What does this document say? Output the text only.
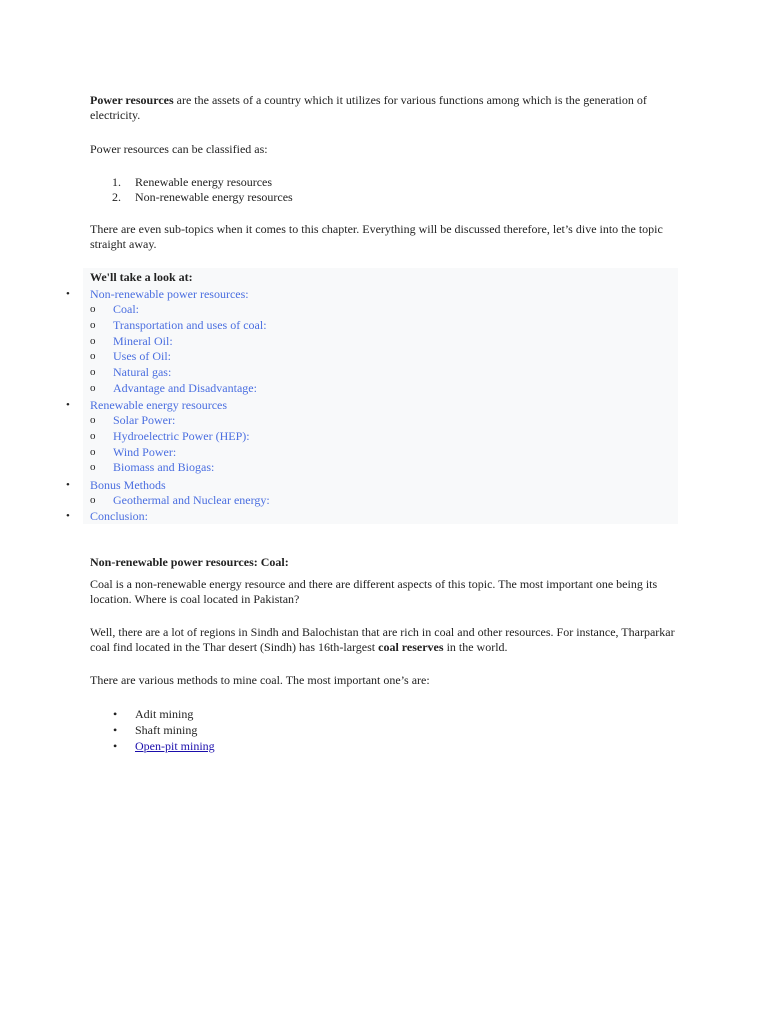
Power resources are the assets of a country which it utilizes for various functions among which is the generation of electricity.

Power resources can be classified as:

1. Renewable energy resources
2. Non-renewable energy resources

There are even sub-topics when it comes to this chapter. Everything will be discussed therefore, let’s dive into the topic straight away.

We'll take a look at:

• Non-renewable power resources:
o Coal:
o Transportation and uses of coal:
o Mineral Oil:
o Uses of Oil:
o Natural gas:
o Advantage and Disadvantage:
• Renewable energy resources
o Solar Power:
o Hydroelectric Power (HEP):
o Wind Power:
o Biomass and Biogas:
• Bonus Methods
o Geothermal and Nuclear energy:
• Conclusion:

Non-renewable power resources: Coal:

Coal is a non-renewable energy resource and there are different aspects of this topic. The most important one being its location. Where is coal located in Pakistan?

Well, there are a lot of regions in Sindh and Balochistan that are rich in coal and other resources. For instance, Tharparkar coal find located in the Thar desert (Sindh) has 16th-largest coal reserves in the world.

There are various methods to mine coal. The most important one’s are:

• Adit mining
• Shaft mining
• Open-pit mining
